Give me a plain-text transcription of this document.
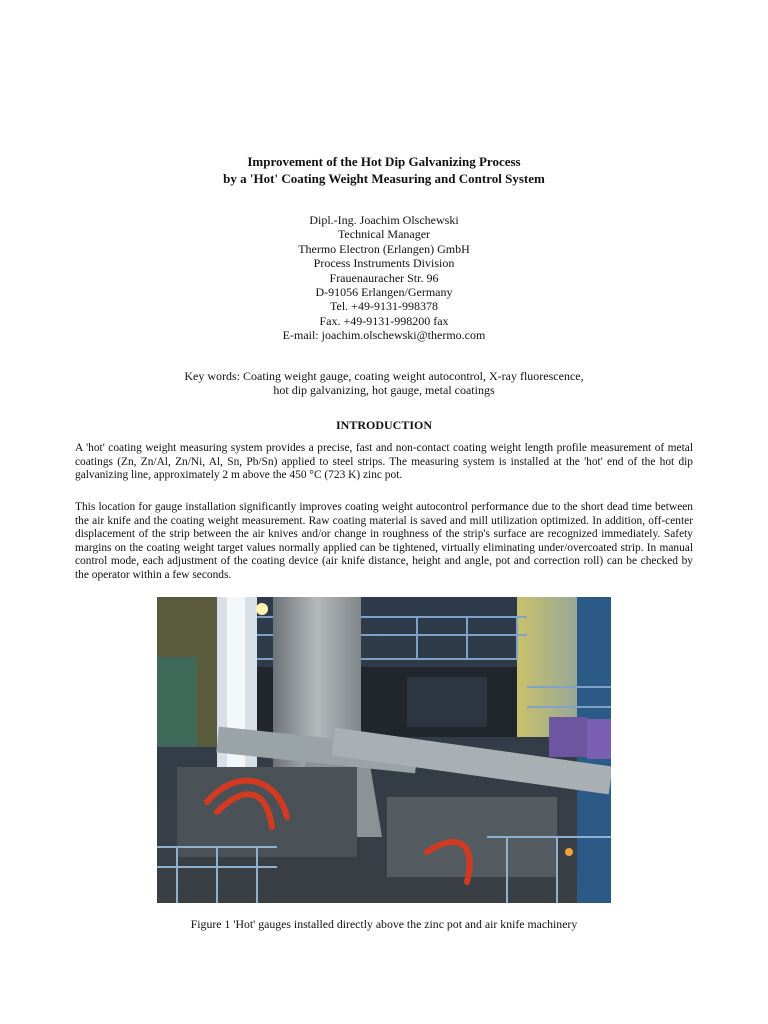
Improvement of the Hot Dip Galvanizing Process
by a 'Hot' Coating Weight Measuring and Control System
Dipl.-Ing. Joachim Olschewski
Technical Manager
Thermo Electron (Erlangen) GmbH
Process Instruments Division
Frauenauracher Str. 96
D-91056 Erlangen/Germany
Tel. +49-9131-998378
Fax. +49-9131-998200 fax
E-mail: joachim.olschewski@thermo.com
Key words: Coating weight gauge, coating weight autocontrol, X-ray fluorescence,
hot dip galvanizing, hot gauge, metal coatings
INTRODUCTION

A 'hot' coating weight measuring system provides a precise, fast and non-contact coating weight length profile measurement of metal coatings (Zn, Zn/Al, Zn/Ni, Al, Sn, Pb/Sn) applied to steel strips. The measuring system is installed at the 'hot' end of the hot dip galvanizing line, approximately 2 m above the 450 °C (723 K) zinc pot.

This location for gauge installation significantly improves coating weight autocontrol performance due to the short dead time between the air knife and the coating weight measurement. Raw coating material is saved and mill utilization optimized. In addition, off-center displacement of the strip between the air knives and/or change in roughness of the strip's surface are recognized immediately. Safety margins on the coating weight target values normally applied can be tightened, virtually eliminating under/overcoated strip. In manual control mode, each adjustment of the coating device (air knife distance, height and angle, pot and correction roll) can be checked by the operator within a few seconds.

Figure 1 'Hot' gauges installed directly above the zinc pot and air knife machinery
